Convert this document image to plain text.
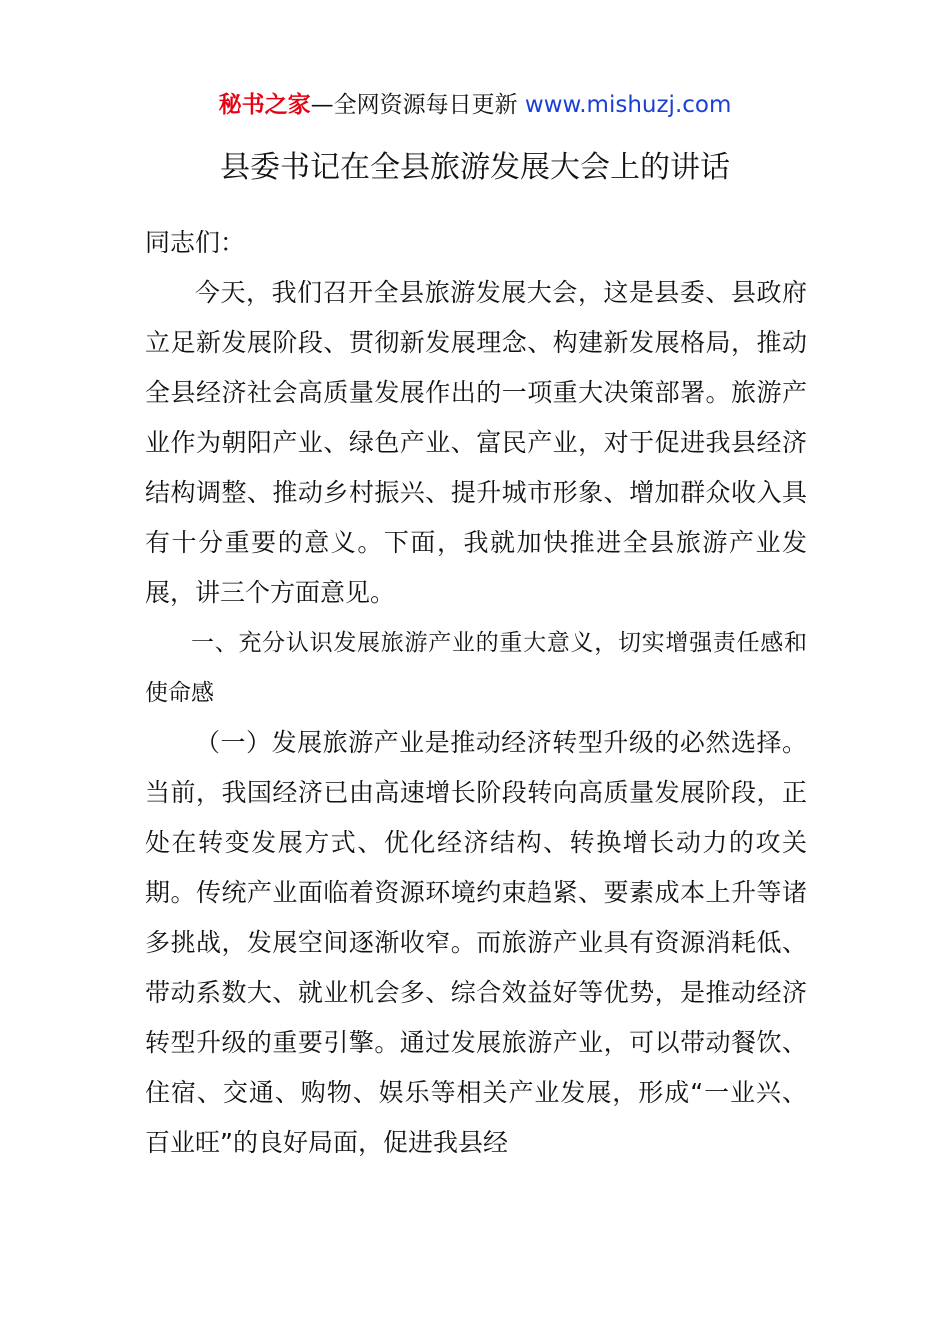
秘书之家—全网资源每日更新 www.mishuzj.com
县委书记在全县旅游发展大会上的讲话

同志们：

今天，我们召开全县旅游发展大会，这是县委、县政府立足新发展阶段、贯彻新发展理念、构建新发展格局，推动全县经济社会高质量发展作出的一项重大决策部署。旅游产业作为朝阳产业、绿色产业、富民产业，对于促进我县经济结构调整、推动乡村振兴、提升城市形象、增加群众收入具有十分重要的意义。下面，我就加快推进全县旅游产业发展，讲三个方面意见。

一、充分认识发展旅游产业的重大意义，切实增强责任感和使命感

（一）发展旅游产业是推动经济转型升级的必然选择。当前，我国经济已由高速增长阶段转向高质量发展阶段，正处在转变发展方式、优化经济结构、转换增长动力的攻关期。传统产业面临着资源环境约束趋紧、要素成本上升等诸多挑战，发展空间逐渐收窄。而旅游产业具有资源消耗低、带动系数大、就业机会多、综合效益好等优势，是推动经济转型升级的重要引擎。通过发展旅游产业，可以带动餐饮、住宿、交通、购物、娱乐等相关产业发展，形成“一业兴、百业旺”的良好局面，促进我县经
